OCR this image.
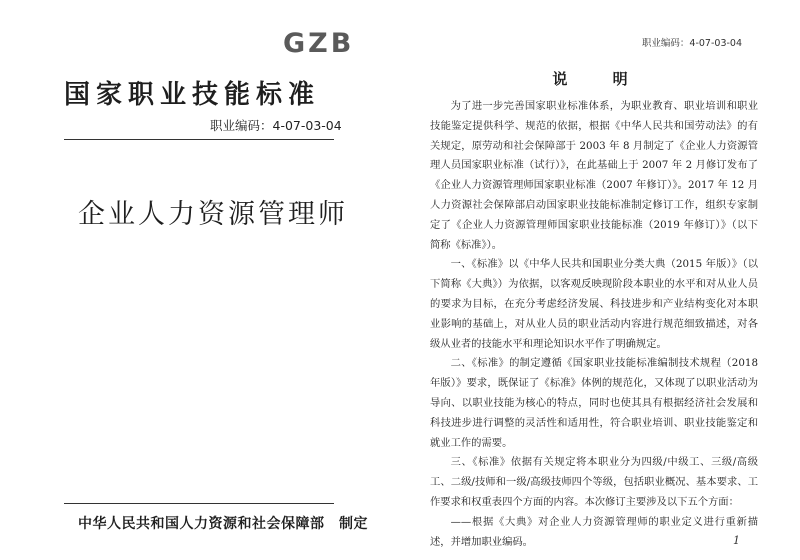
GZB
国家职业技能标准
职业编码：4-07-03-04
企业人力资源管理师
中华人民共和国人力资源和社会保障部　制定
职业编码：4-07-03-04
说 明

为了进一步完善国家职业标准体系，为职业教育、职业培训和职业技能鉴定提供科学、规范的依据，根据《中华人民共和国劳动法》的有关规定，原劳动和社会保障部于 2003 年 8 月制定了《企业人力资源管理人员国家职业标准（试行）》，在此基础上于 2007 年 2 月修订发布了《企业人力资源管理师国家职业标准（2007 年修订）》。2017 年 12 月人力资源社会保障部启动国家职业技能标准制定修订工作，组织专家制定了《企业人力资源管理师国家职业技能标准（2019 年修订）》（以下简称《标准》）。

一、《标准》以《中华人民共和国职业分类大典（2015 年版）》（以下简称《大典》）为依据，以客观反映现阶段本职业的水平和对从业人员的要求为目标，在充分考虑经济发展、科技进步和产业结构变化对本职业影响的基础上，对从业人员的职业活动内容进行规范细致描述，对各级从业者的技能水平和理论知识水平作了明确规定。

二、《标准》的制定遵循《国家职业技能标准编制技术规程（2018 年版）》要求，既保证了《标准》体例的规范化，又体现了以职业活动为导向、以职业技能为核心的特点，同时也使其具有根据经济社会发展和科技进步进行调整的灵活性和适用性，符合职业培训、职业技能鉴定和就业工作的需要。

三、《标准》依据有关规定将本职业分为四级/中级工、三级/高级工、二级/技师和一级/高级技师四个等级，包括职业概况、基本要求、工作要求和权重表四个方面的内容。本次修订主要涉及以下五个方面：

——根据《大典》对企业人力资源管理师的职业定义进行重新描述，并增加职业编码。	1
